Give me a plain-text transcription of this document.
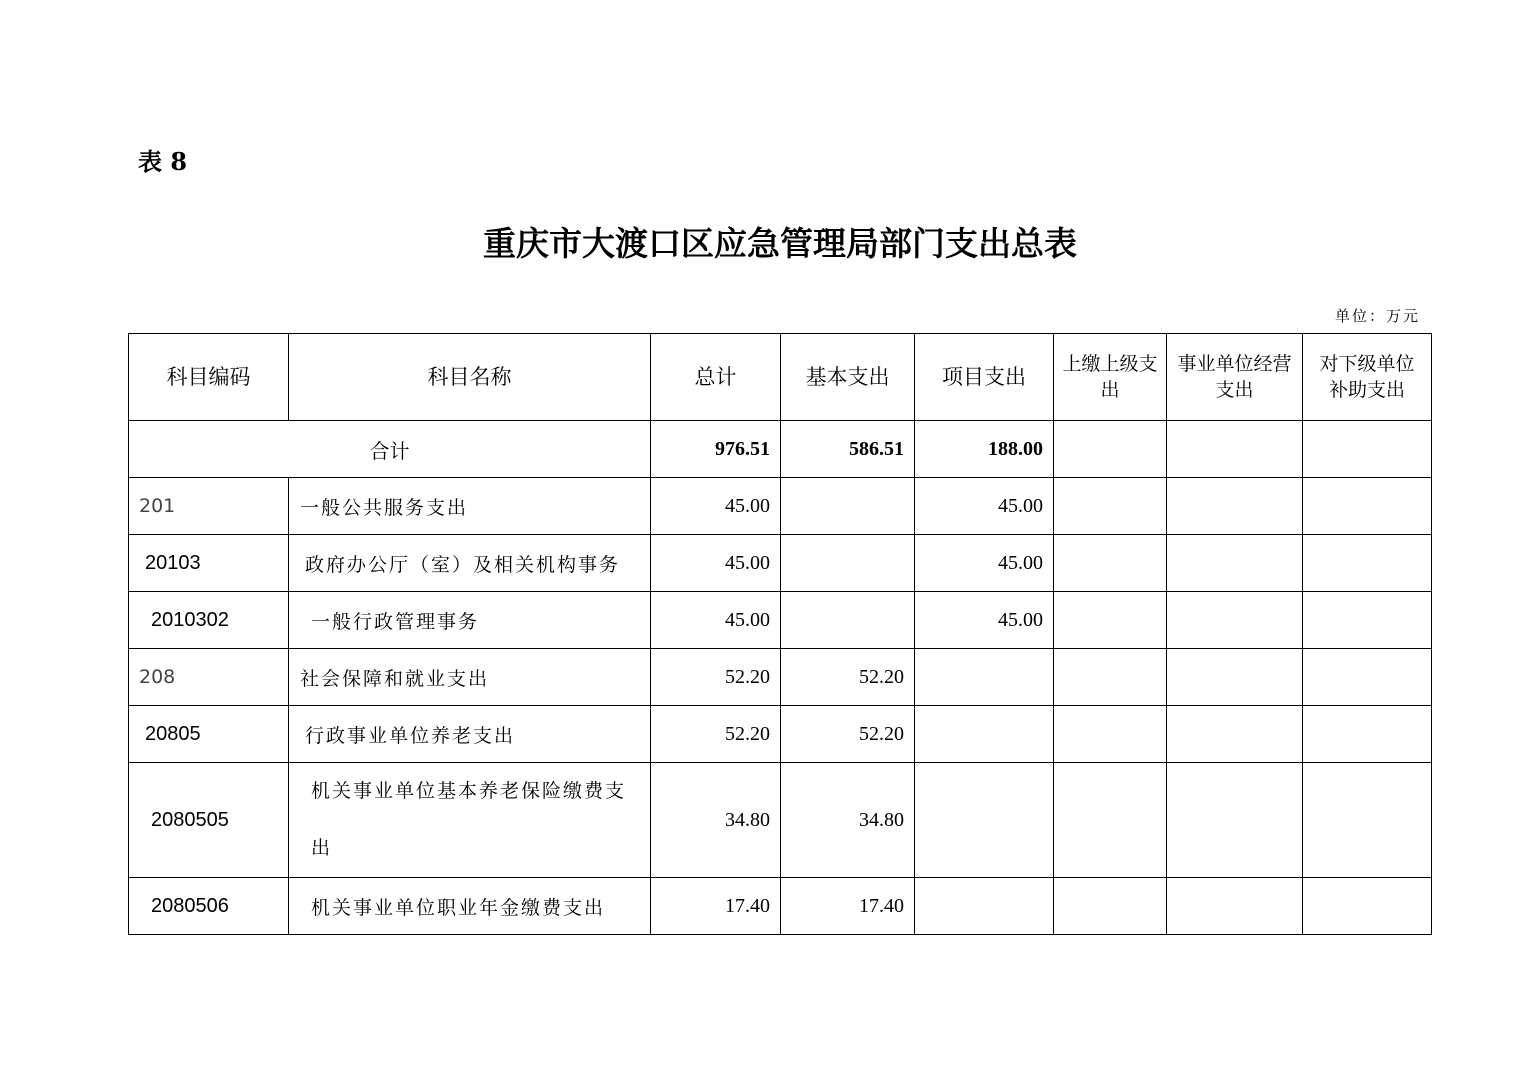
表 8
重庆市大渡口区应急管理局部门支出总表
单位：万元
科目编码	科目名称	总计	基本支出	项目支出	上缴上级支出	事业单位经营支出	对下级单位补助支出
合计		976.51	586.51	188.00			
201	一般公共服务支出	45.00		45.00			
20103	政府办公厅（室）及相关机构事务	45.00		45.00			
2010302	一般行政管理事务	45.00		45.00			
208	社会保障和就业支出	52.20	52.20				
20805	行政事业单位养老支出	52.20	52.20				
2080505	机关事业单位基本养老保险缴费支出	34.80	34.80				
2080506	机关事业单位职业年金缴费支出	17.40	17.40				
